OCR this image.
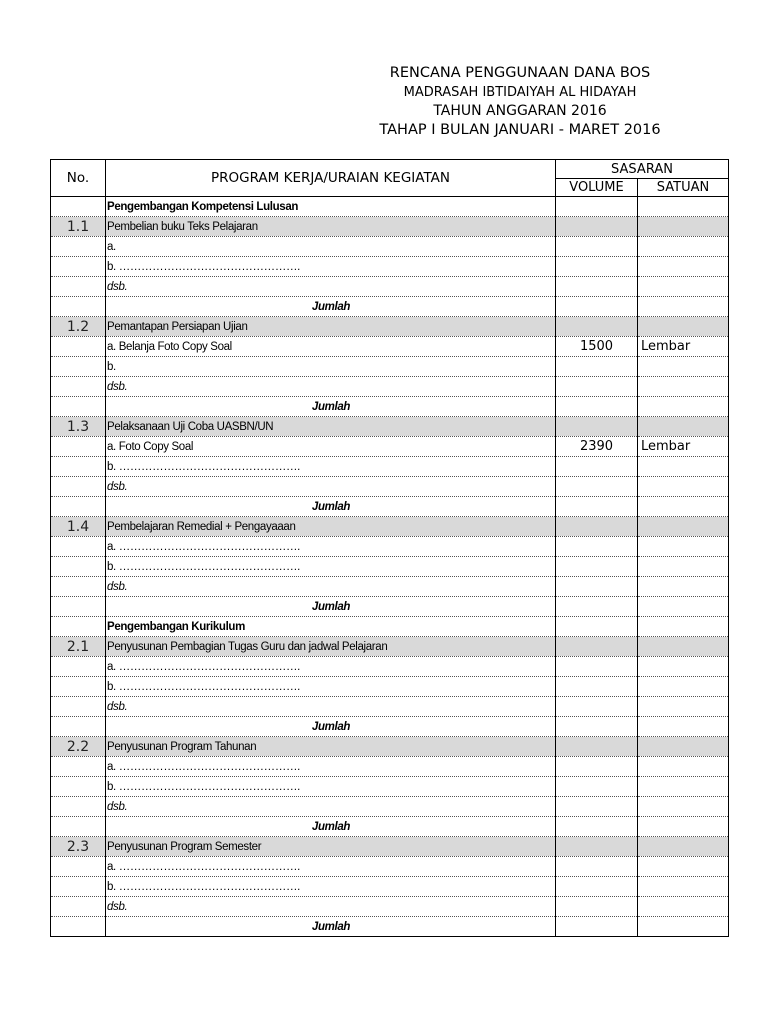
RENCANA PENGGUNAAN DANA BOS
MADRASAH IBTIDAIYAH AL HIDAYAH
TAHUN ANGGARAN 2016
TAHAP I BULAN JANUARI - MARET 2016
No.	PROGRAM KERJA/URAIAN KEGIATAN	SASARAN	
		VOLUME	SATUAN
	Pengembangan Kompetensi Lulusan		
1.1	Pembelian buku Teks Pelajaran		
	a.		
	b. ………………………………………….		
	dsb.		
	Jumlah		
1.2	Pemantapan Persiapan Ujian		
	a. Belanja Foto Copy Soal	1500	Lembar
	b.		
	dsb.		
	Jumlah		
1.3	Pelaksanaan Uji Coba UASBN/UN		
	a. Foto Copy Soal	2390	Lembar
	b. ………………………………………….		
	dsb.		
	Jumlah		
1.4	Pembelajaran Remedial + Pengayaaan		
	a. ………………………………………….		
	b. ………………………………………….		
	dsb.		
	Jumlah		
	Pengembangan Kurikulum		
2.1	Penyusunan Pembagian Tugas Guru dan jadwal Pelajaran		
	a. ………………………………………….		
	b. ………………………………………….		
	dsb.		
	Jumlah		
2.2	Penyusunan Program Tahunan		
	a. ………………………………………….		
	b. ………………………………………….		
	dsb.		
	Jumlah		
2.3	Penyusunan Program Semester		
	a. ………………………………………….		
	b. ………………………………………….		
	dsb.		
	Jumlah		
